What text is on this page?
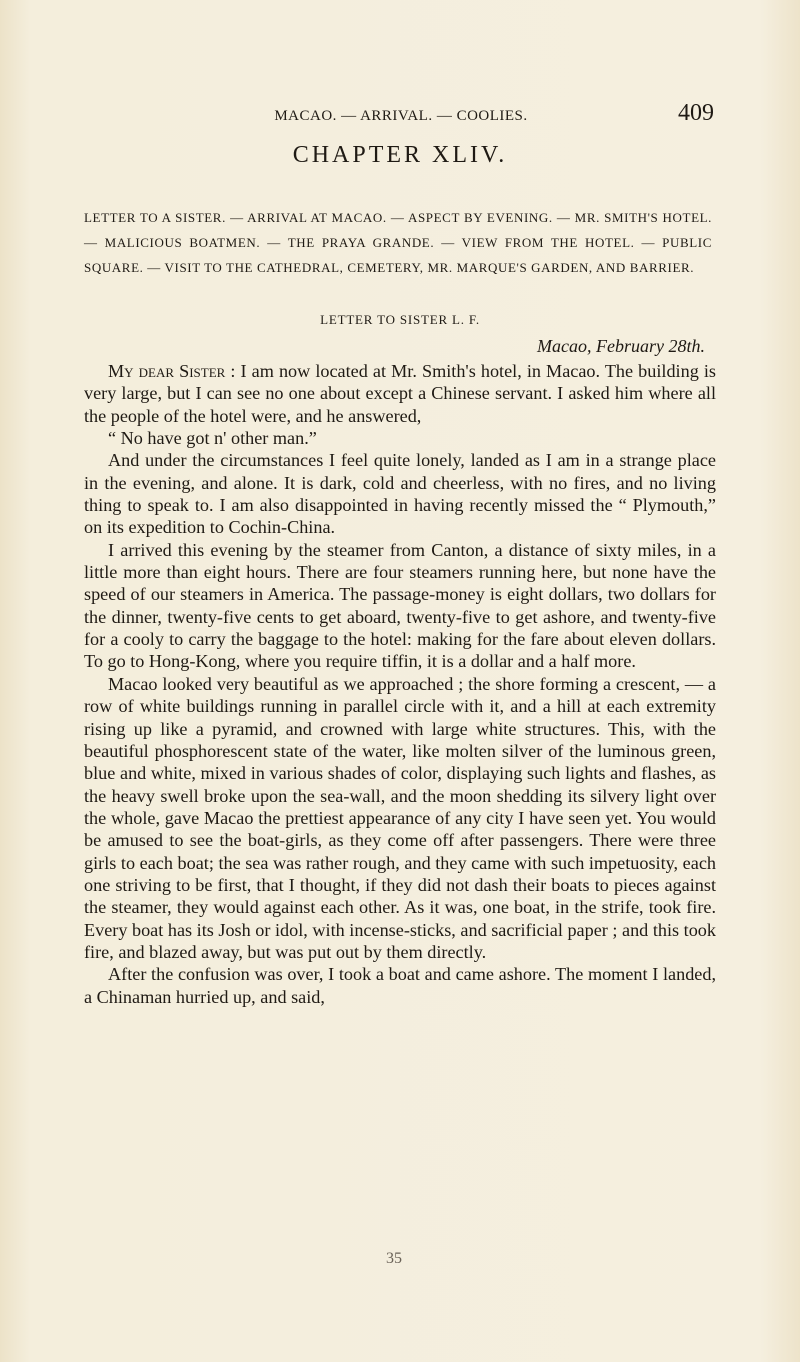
MACAO. — ARRIVAL. — COOLIES.	409
CHAPTER XLIV.
LETTER TO A SISTER. — ARRIVAL AT MACAO. — ASPECT BY EVENING. — MR. SMITH'S HOTEL. — MALICIOUS BOATMEN. — THE PRAYA GRANDE. — VIEW FROM THE HOTEL. — PUBLIC SQUARE. — VISIT TO THE CATHEDRAL, CEMETERY, MR. MARQUE'S GARDEN, AND BARRIER.
LETTER TO SISTER L. F.
Macao, February 28th.

My dear Sister : I am now located at Mr. Smith's hotel, in Macao. The building is very large, but I can see no one about except a Chinese servant. I asked him where all the people of the hotel were, and he answered,

“ No have got n' other man.”

And under the circumstances I feel quite lonely, landed as I am in a strange place in the evening, and alone. It is dark, cold and cheerless, with no fires, and no living thing to speak to. I am also disappointed in having recently missed the “ Plymouth,” on its expedition to Cochin-China.

I arrived this evening by the steamer from Canton, a distance of sixty miles, in a little more than eight hours. There are four steamers running here, but none have the speed of our steamers in America. The passage-money is eight dollars, two dollars for the dinner, twenty-five cents to get aboard, twenty-five to get ashore, and twenty-five for a cooly to carry the baggage to the hotel: making for the fare about eleven dollars. To go to Hong-Kong, where you require tiffin, it is a dollar and a half more.

Macao looked very beautiful as we approached ; the shore forming a crescent, — a row of white buildings running in parallel circle with it, and a hill at each extremity rising up like a pyramid, and crowned with large white structures. This, with the beautiful phosphorescent state of the water, like molten silver of the luminous green, blue and white, mixed in various shades of color, displaying such lights and flashes, as the heavy swell broke upon the sea-wall, and the moon shedding its silvery light over the whole, gave Macao the prettiest appearance of any city I have seen yet. You would be amused to see the boat-girls, as they come off after passengers. There were three girls to each boat; the sea was rather rough, and they came with such impetuosity, each one striving to be first, that I thought, if they did not dash their boats to pieces against the steamer, they would against each other. As it was, one boat, in the strife, took fire. Every boat has its Josh or idol, with incense-sticks, and sacrificial paper ; and this took fire, and blazed away, but was put out by them directly.

After the confusion was over, I took a boat and came ashore. The moment I landed, a Chinaman hurried up, and said,

35
